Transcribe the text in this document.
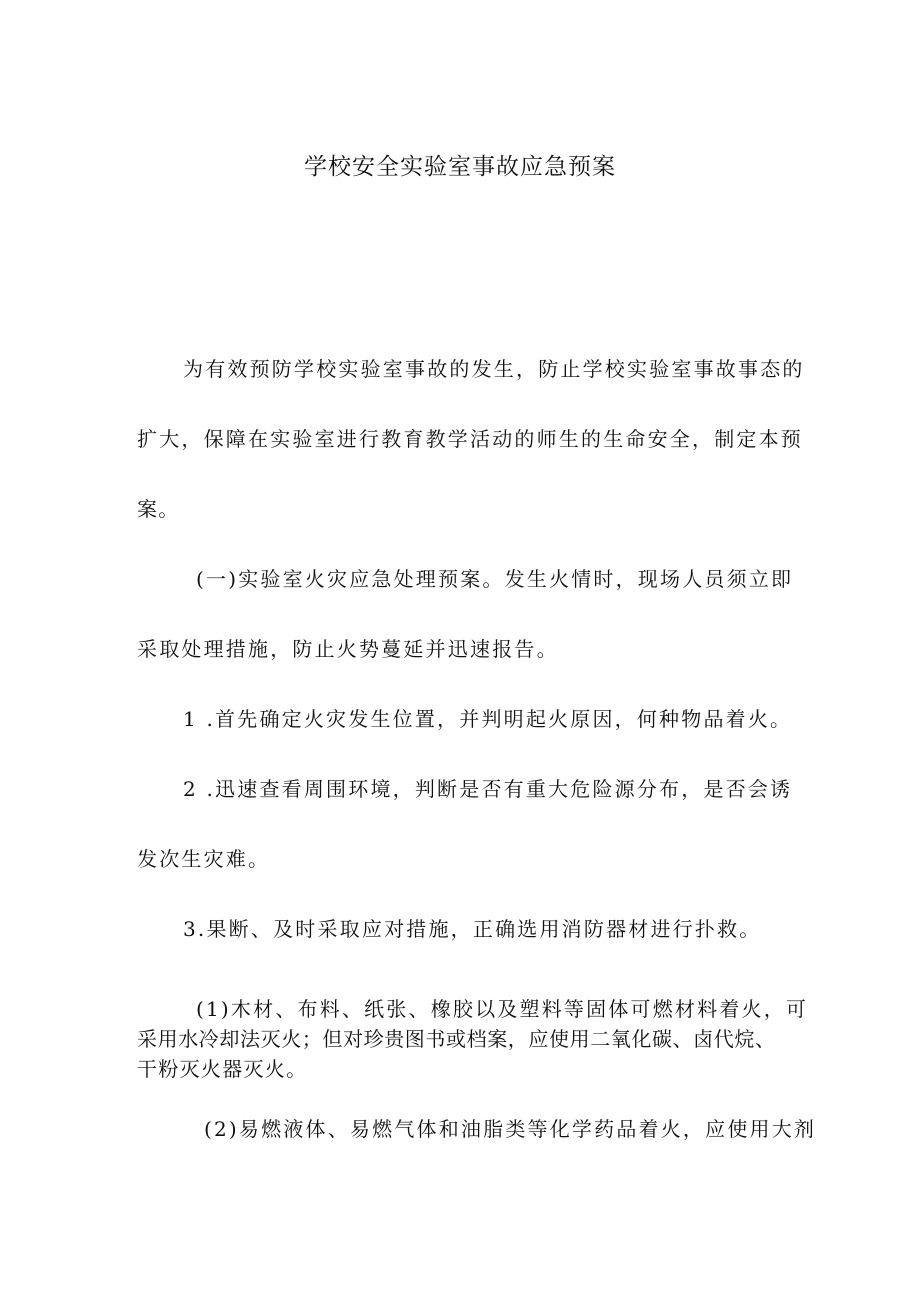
学校安全实验室事故应急预案
为有效预防学校实验室事故的发生，防止学校实验室事故事态的
扩大，保障在实验室进行教育教学活动的师生的生命安全，制定本预
案。
(一)实验室火灾应急处理预案。发生火情时，现场人员须立即
采取处理措施，防止火势蔓延并迅速报告。
1 .首先确定火灾发生位置，并判明起火原因，何种物品着火。
2 .迅速查看周围环境，判断是否有重大危险源分布，是否会诱
发次生灾难。
3.果断、及时采取应对措施，正确选用消防器材进行扑救。
(1)木材、布料、纸张、橡胶以及塑料等固体可燃材料着火，可
采用水冷却法灭火；但对珍贵图书或档案，应使用二氧化碳、卤代烷、
干粉灭火器灭火。
(2)易燃液体、易燃气体和油脂类等化学药品着火，应使用大剂
